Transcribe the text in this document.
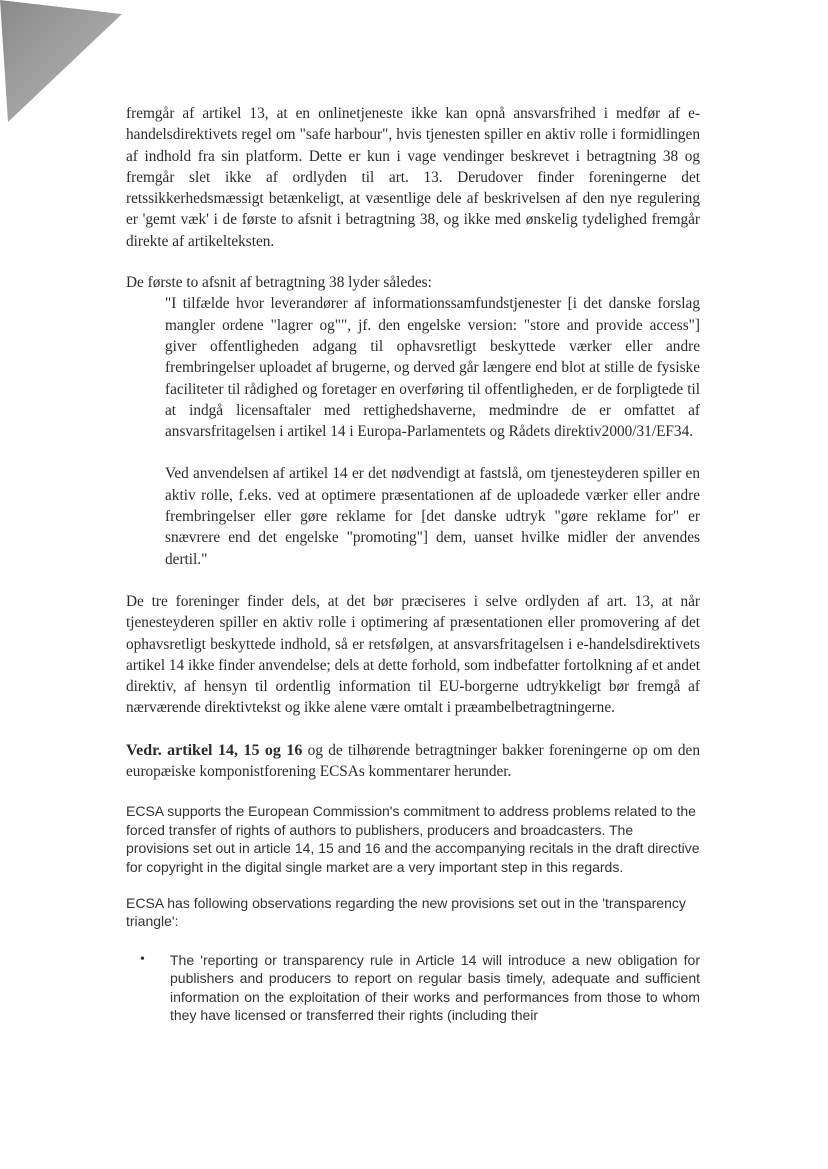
fremgår af artikel 13, at en onlinetjeneste ikke kan opnå ansvarsfrihed i medfør af e-handelsdirektivets regel om "safe harbour", hvis tjenesten spiller en aktiv rolle i formidlingen af indhold fra sin platform. Dette er kun i vage vendinger beskrevet i betragtning 38 og fremgår slet ikke af ordlyden til art. 13. Derudover finder foreningerne det retssikkerhedsmæssigt betænkeligt, at væsentlige dele af beskrivelsen af den nye regulering er 'gemt væk' i de første to afsnit i betragtning 38, og ikke med ønskelig tydelighed fremgår direkte af artikelteksten.

De første to afsnit af betragtning 38 lyder således:

"I tilfælde hvor leverandører af informationssamfundstjenester [i det danske forslag mangler ordene "lagrer og"", jf. den engelske version: "store and provide access"] giver offentligheden adgang til ophavsretligt beskyttede værker eller andre frembringelser uploadet af brugerne, og derved går længere end blot at stille de fysiske faciliteter til rådighed og foretager en overføring til offentligheden, er de forpligtede til at indgå licensaftaler med rettighedshaverne, medmindre de er omfattet af ansvarsfritagelsen i artikel 14 i Europa-Parlamentets og Rådets direktiv2000/31/EF34.

Ved anvendelsen af artikel 14 er det nødvendigt at fastslå, om tjenesteyderen spiller en aktiv rolle, f.eks. ved at optimere præsentationen af de uploadede værker eller andre frembringelser eller gøre reklame for [det danske udtryk "gøre reklame for" er snævrere end det engelske "promoting"] dem, uanset hvilke midler der anvendes dertil."

De tre foreninger finder dels, at det bør præciseres i selve ordlyden af art. 13, at når tjenesteyderen spiller en aktiv rolle i optimering af præsentationen eller promovering af det ophavsretligt beskyttede indhold, så er retsfølgen, at ansvarsfritagelsen i e-handelsdirektivets artikel 14 ikke finder anvendelse; dels at dette forhold, som indbefatter fortolkning af et andet direktiv, af hensyn til ordentlig information til EU-borgerne udtrykkeligt bør fremgå af nærværende direktivtekst og ikke alene være omtalt i præambelbetragtningerne.

Vedr. artikel 14, 15 og 16 og de tilhørende betragtninger bakker foreningerne op om den europæiske komponistforening ECSAs kommentarer herunder.

ECSA supports the European Commission's commitment to address problems related to the forced transfer of rights of authors to publishers, producers and broadcasters. The provisions set out in article 14, 15 and 16 and the accompanying recitals in the draft directive for copyright in the digital single market are a very important step in this regards.

ECSA has following observations regarding the new provisions set out in the 'transparency triangle':

•	The 'reporting or transparency rule in Article 14 will introduce a new obligation for publishers and producers to report on regular basis timely, adequate and sufficient information on the exploitation of their works and performances from those to whom they have licensed or transferred their rights (including their
